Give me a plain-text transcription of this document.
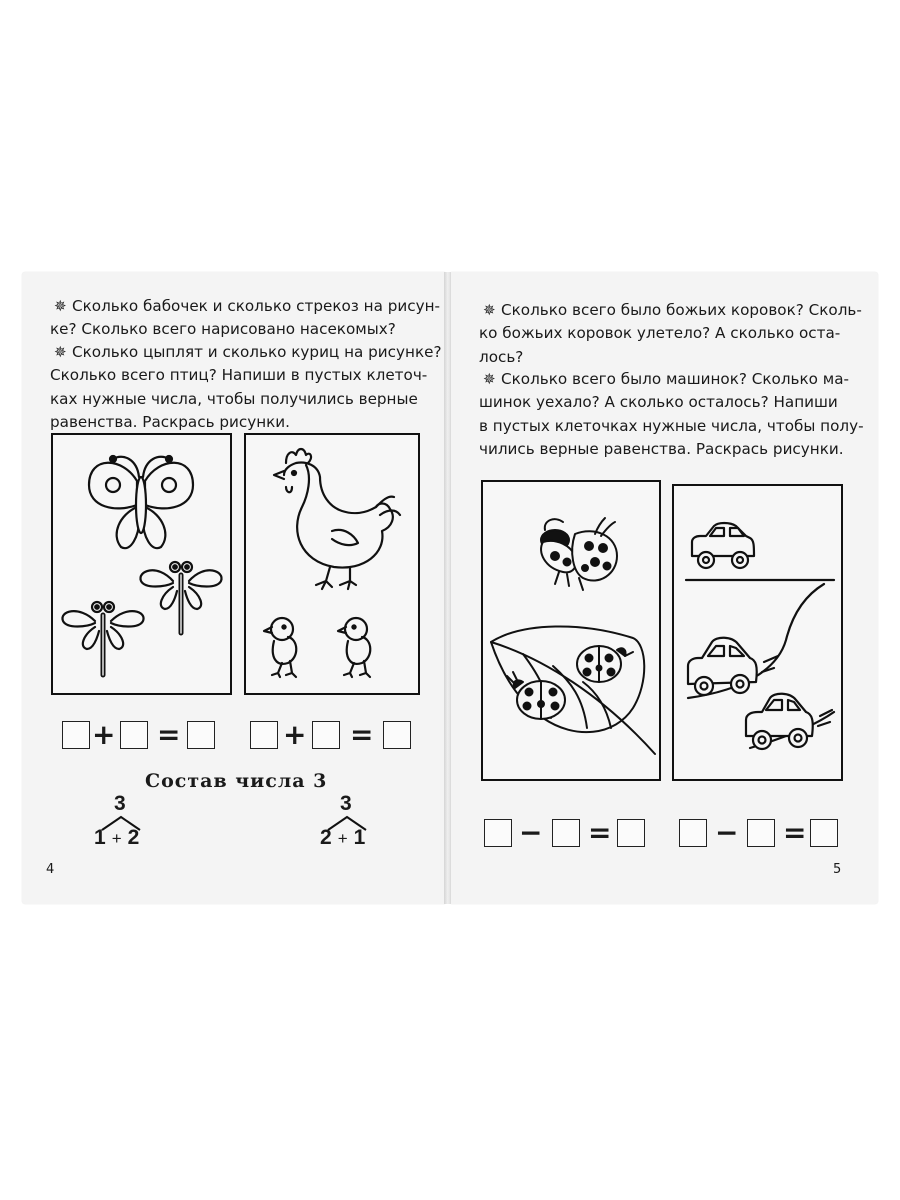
✵ Сколько бабочек и сколько стрекоз на рисун-

ке? Сколько всего нарисовано насекомых?

✵ Сколько цыплят и сколько куриц на рисунке?

Сколько всего птиц? Напиши в пустых клеточ-

ках нужные числа, чтобы получились верные

равенства. Раскрась рисунки.

+ =	+ =
Состав числа 3
3
1 + 2
3
2 + 1
4
✵ Сколько всего было божьих коровок? Сколь-

ко божьих коровок улетело? А сколько оста-

лось?

✵ Сколько всего было машинок? Сколько ма-

шинок уехало? А сколько осталось? Напиши

в пустых клеточках нужные числа, чтобы полу-

чились верные равенства. Раскрась рисунки.

− =	− =
5
